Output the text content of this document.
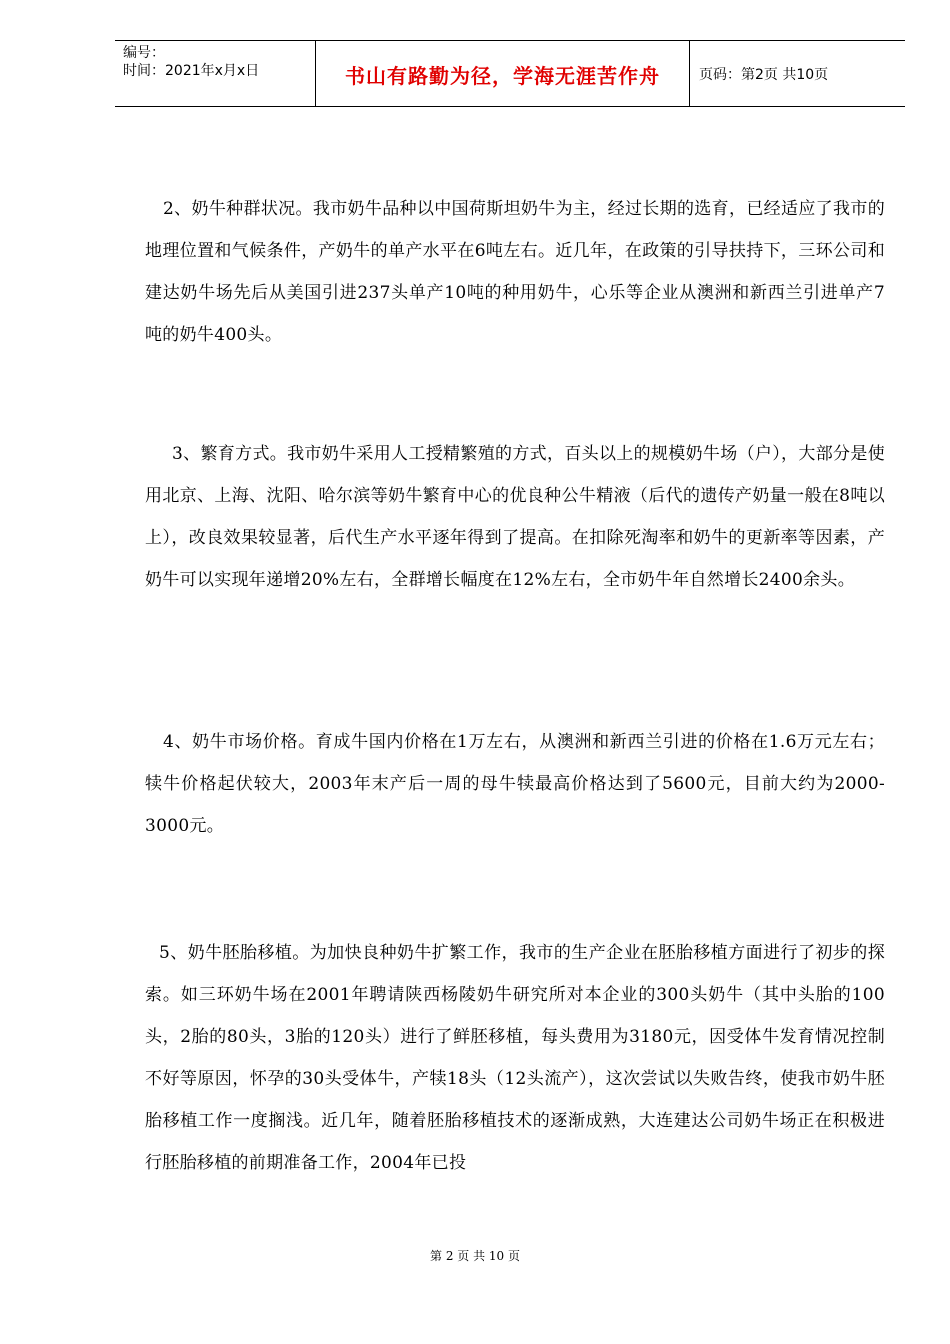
编号：
时间：2021年x月x日	书山有路勤为径，学海无涯苦作舟	页码：第2页 共10页

2、奶牛种群状况。我市奶牛品种以中国荷斯坦奶牛为主，经过长期的选育，已经适应了我市的地理位置和气候条件，产奶牛的单产水平在6吨左右。近几年，在政策的引导扶持下，三环公司和建达奶牛场先后从美国引进237头单产10吨的种用奶牛，心乐等企业从澳洲和新西兰引进单产7吨的奶牛400头。

3、繁育方式。我市奶牛采用人工授精繁殖的方式，百头以上的规模奶牛场（户），大部分是使用北京、上海、沈阳、哈尔滨等奶牛繁育中心的优良种公牛精液（后代的遗传产奶量一般在8吨以上），改良效果较显著，后代生产水平逐年得到了提高。在扣除死淘率和奶牛的更新率等因素，产奶牛可以实现年递增20%左右，全群增长幅度在12%左右，全市奶牛年自然增长2400余头。

4、奶牛市场价格。育成牛国内价格在1万左右，从澳洲和新西兰引进的价格在1.6万元左右；犊牛价格起伏较大，2003年末产后一周的母牛犊最高价格达到了5600元，目前大约为2000-3000元。

5、奶牛胚胎移植。为加快良种奶牛扩繁工作，我市的生产企业在胚胎移植方面进行了初步的探索。如三环奶牛场在2001年聘请陕西杨陵奶牛研究所对本企业的300头奶牛（其中头胎的100头，2胎的80头，3胎的120头）进行了鲜胚移植，每头费用为3180元，因受体牛发育情况控制不好等原因，怀孕的30头受体牛，产犊18头（12头流产），这次尝试以失败告终，使我市奶牛胚胎移植工作一度搁浅。近几年，随着胚胎移植技术的逐渐成熟，大连建达公司奶牛场正在积极进行胚胎移植的前期准备工作，2004年已投

第 2 页 共 10 页
